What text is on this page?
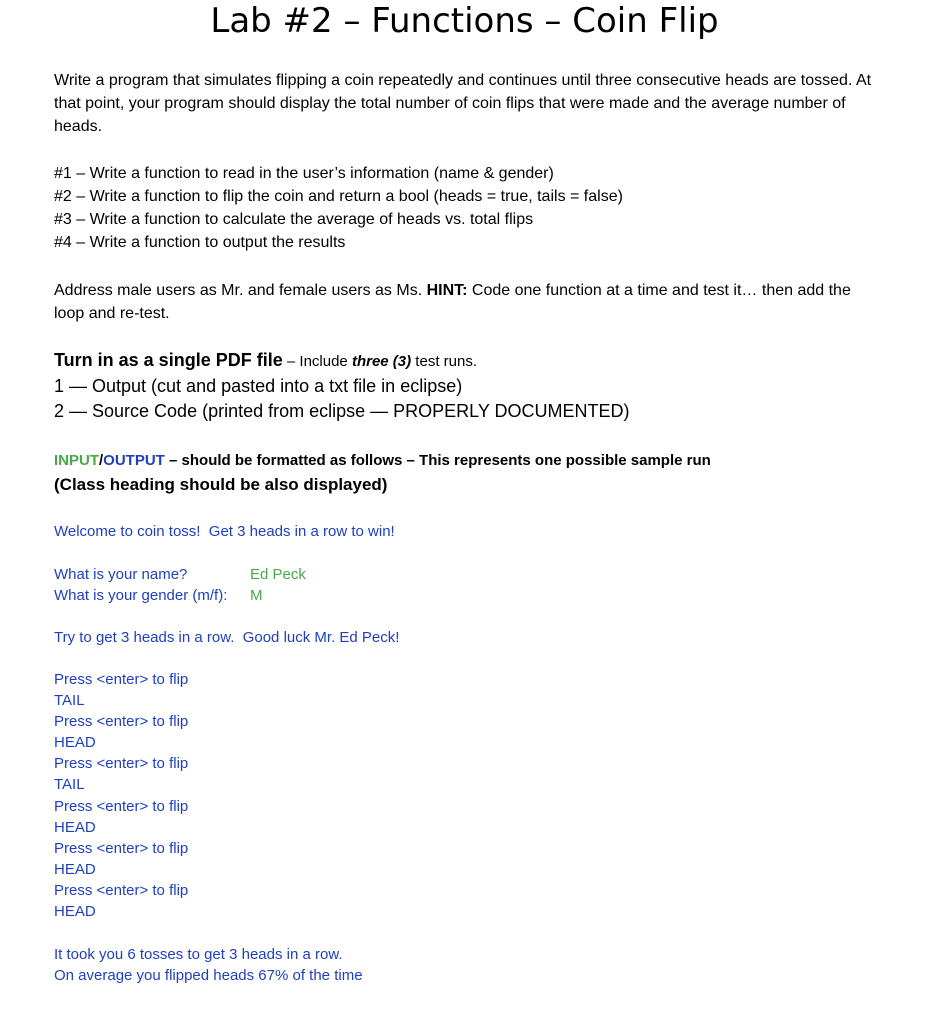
Lab #2 – Functions – Coin Flip
Write a program that simulates flipping a coin repeatedly and continues until three consecutive heads are tossed. At that point, your program should display the total number of coin flips that were made and the average number of heads.
#1 – Write a function to read in the user’s information (name & gender)
#2 – Write a function to flip the coin and return a bool (heads = true, tails = false)
#3 – Write a function to calculate the average of heads vs. total flips
#4 – Write a function to output the results
Address male users as Mr. and female users as Ms. HINT: Code one function at a time and test it… then add the loop and re-test.
Turn in as a single PDF file – Include three (3) test runs.
1 — Output (cut and pasted into a txt file in eclipse)
2 — Source Code (printed from eclipse — PROPERLY DOCUMENTED)
INPUT/OUTPUT – should be formatted as follows – This represents one possible sample run
(Class heading should be also displayed)
Welcome to coin toss!  Get 3 heads in a row to win!
What is your name?	Ed Peck
What is your gender (m/f): M
Try to get 3 heads in a row.  Good luck Mr. Ed Peck!
Press <enter> to flip
TAIL
Press <enter> to flip
HEAD
Press <enter> to flip
TAIL
Press <enter> to flip
HEAD
Press <enter> to flip
HEAD
Press <enter> to flip
HEAD
It took you 6 tosses to get 3 heads in a row.
On average you flipped heads 67% of the time
